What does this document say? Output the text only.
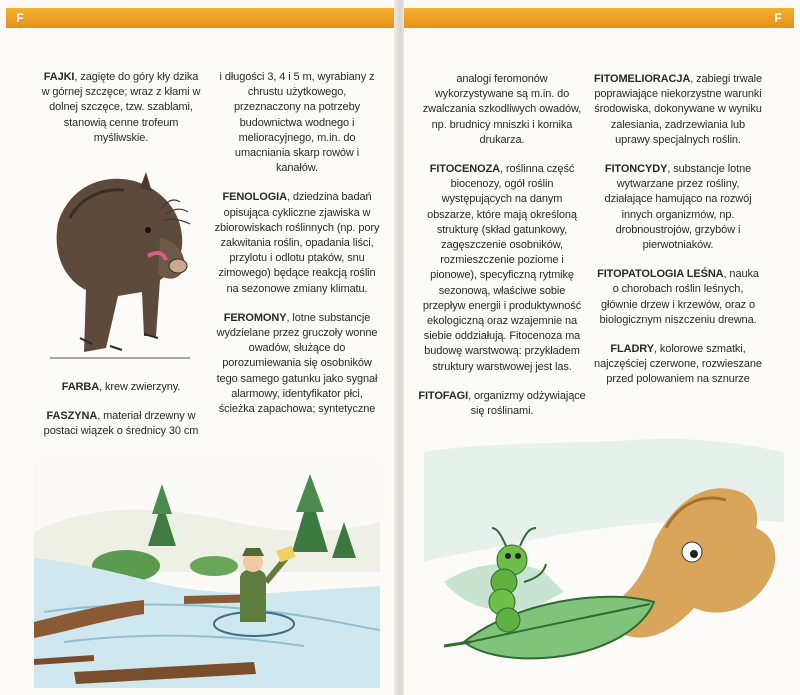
F

FAJKI, zagięte do góry kły dzika w górnej szczęce; wraz z kłami w dolnej szczęce, tzw. szablami, stanowią cenne trofeum myśliwskie.

FARBA, krew zwierzyny.

FASZYNA, materiał drzewny w postaci wiązek o średnicy 30 cm

i długości 3, 4 i 5 m, wyrabiany z chrustu użytkowego, przeznaczony na potrzeby budownictwa wodnego i melioracyjnego, m.in. do umacniania skarp rowów i kanałów.

FENOLOGIA, dziedzina badań opisująca cykliczne zjawiska w zbiorowiskach roślinnych (np. pory zakwitania roślin, opadania liści, przylotu i odlotu ptaków, snu zimowego) będące reakcją roślin na sezonowe zmiany klimatu.

FEROMONY, lotne substancje wydzielane przez gruczoły wonne owadów, służące do porozumiewania się osobników tego samego gatunku jako sygnał alarmowy, identyfikator płci, ścieżka zapachowa; syntetyczne

F

analogi feromonów wykorzystywane są m.in. do zwalczania szkodliwych owadów, np. brudnicy mniszki i kornika drukarza.

FITOCENOZA, roślinna część biocenozy, ogół roślin występujących na danym obszarze, które mają określoną strukturę (skład gatunkowy, zagęszczenie osobników, rozmieszczenie poziome i pionowe), specyficzną rytmikę sezonową, właściwe sobie przepływ energii i produktywność ekologiczną oraz wzajemnie na siebie oddziałują. Fitocenoza ma budowę warstwową: przykładem struktury warstwowej jest las.

FITOFAGI, organizmy odżywiające się roślinami.

FITOMELIORACJA, zabiegi trwale poprawiające niekorzystne warunki środowiska, dokonywane w wyniku zalesiania, zadrzewiania lub uprawy specjalnych roślin.

FITONCYDY, substancje lotne wytwarzane przez rośliny, działające hamująco na rozwój innych organizmów, np. drobnoustrojów, grzybów i pierwotniaków.

FITOPATOLOGIA LEŚNA, nauka o chorobach roślin leśnych, głównie drzew i krzewów, oraz o biologicznym niszczeniu drewna.

FLADRY, kolorowe szmatki, najczęściej czerwone, rozwieszane przed polowaniem na sznurze
